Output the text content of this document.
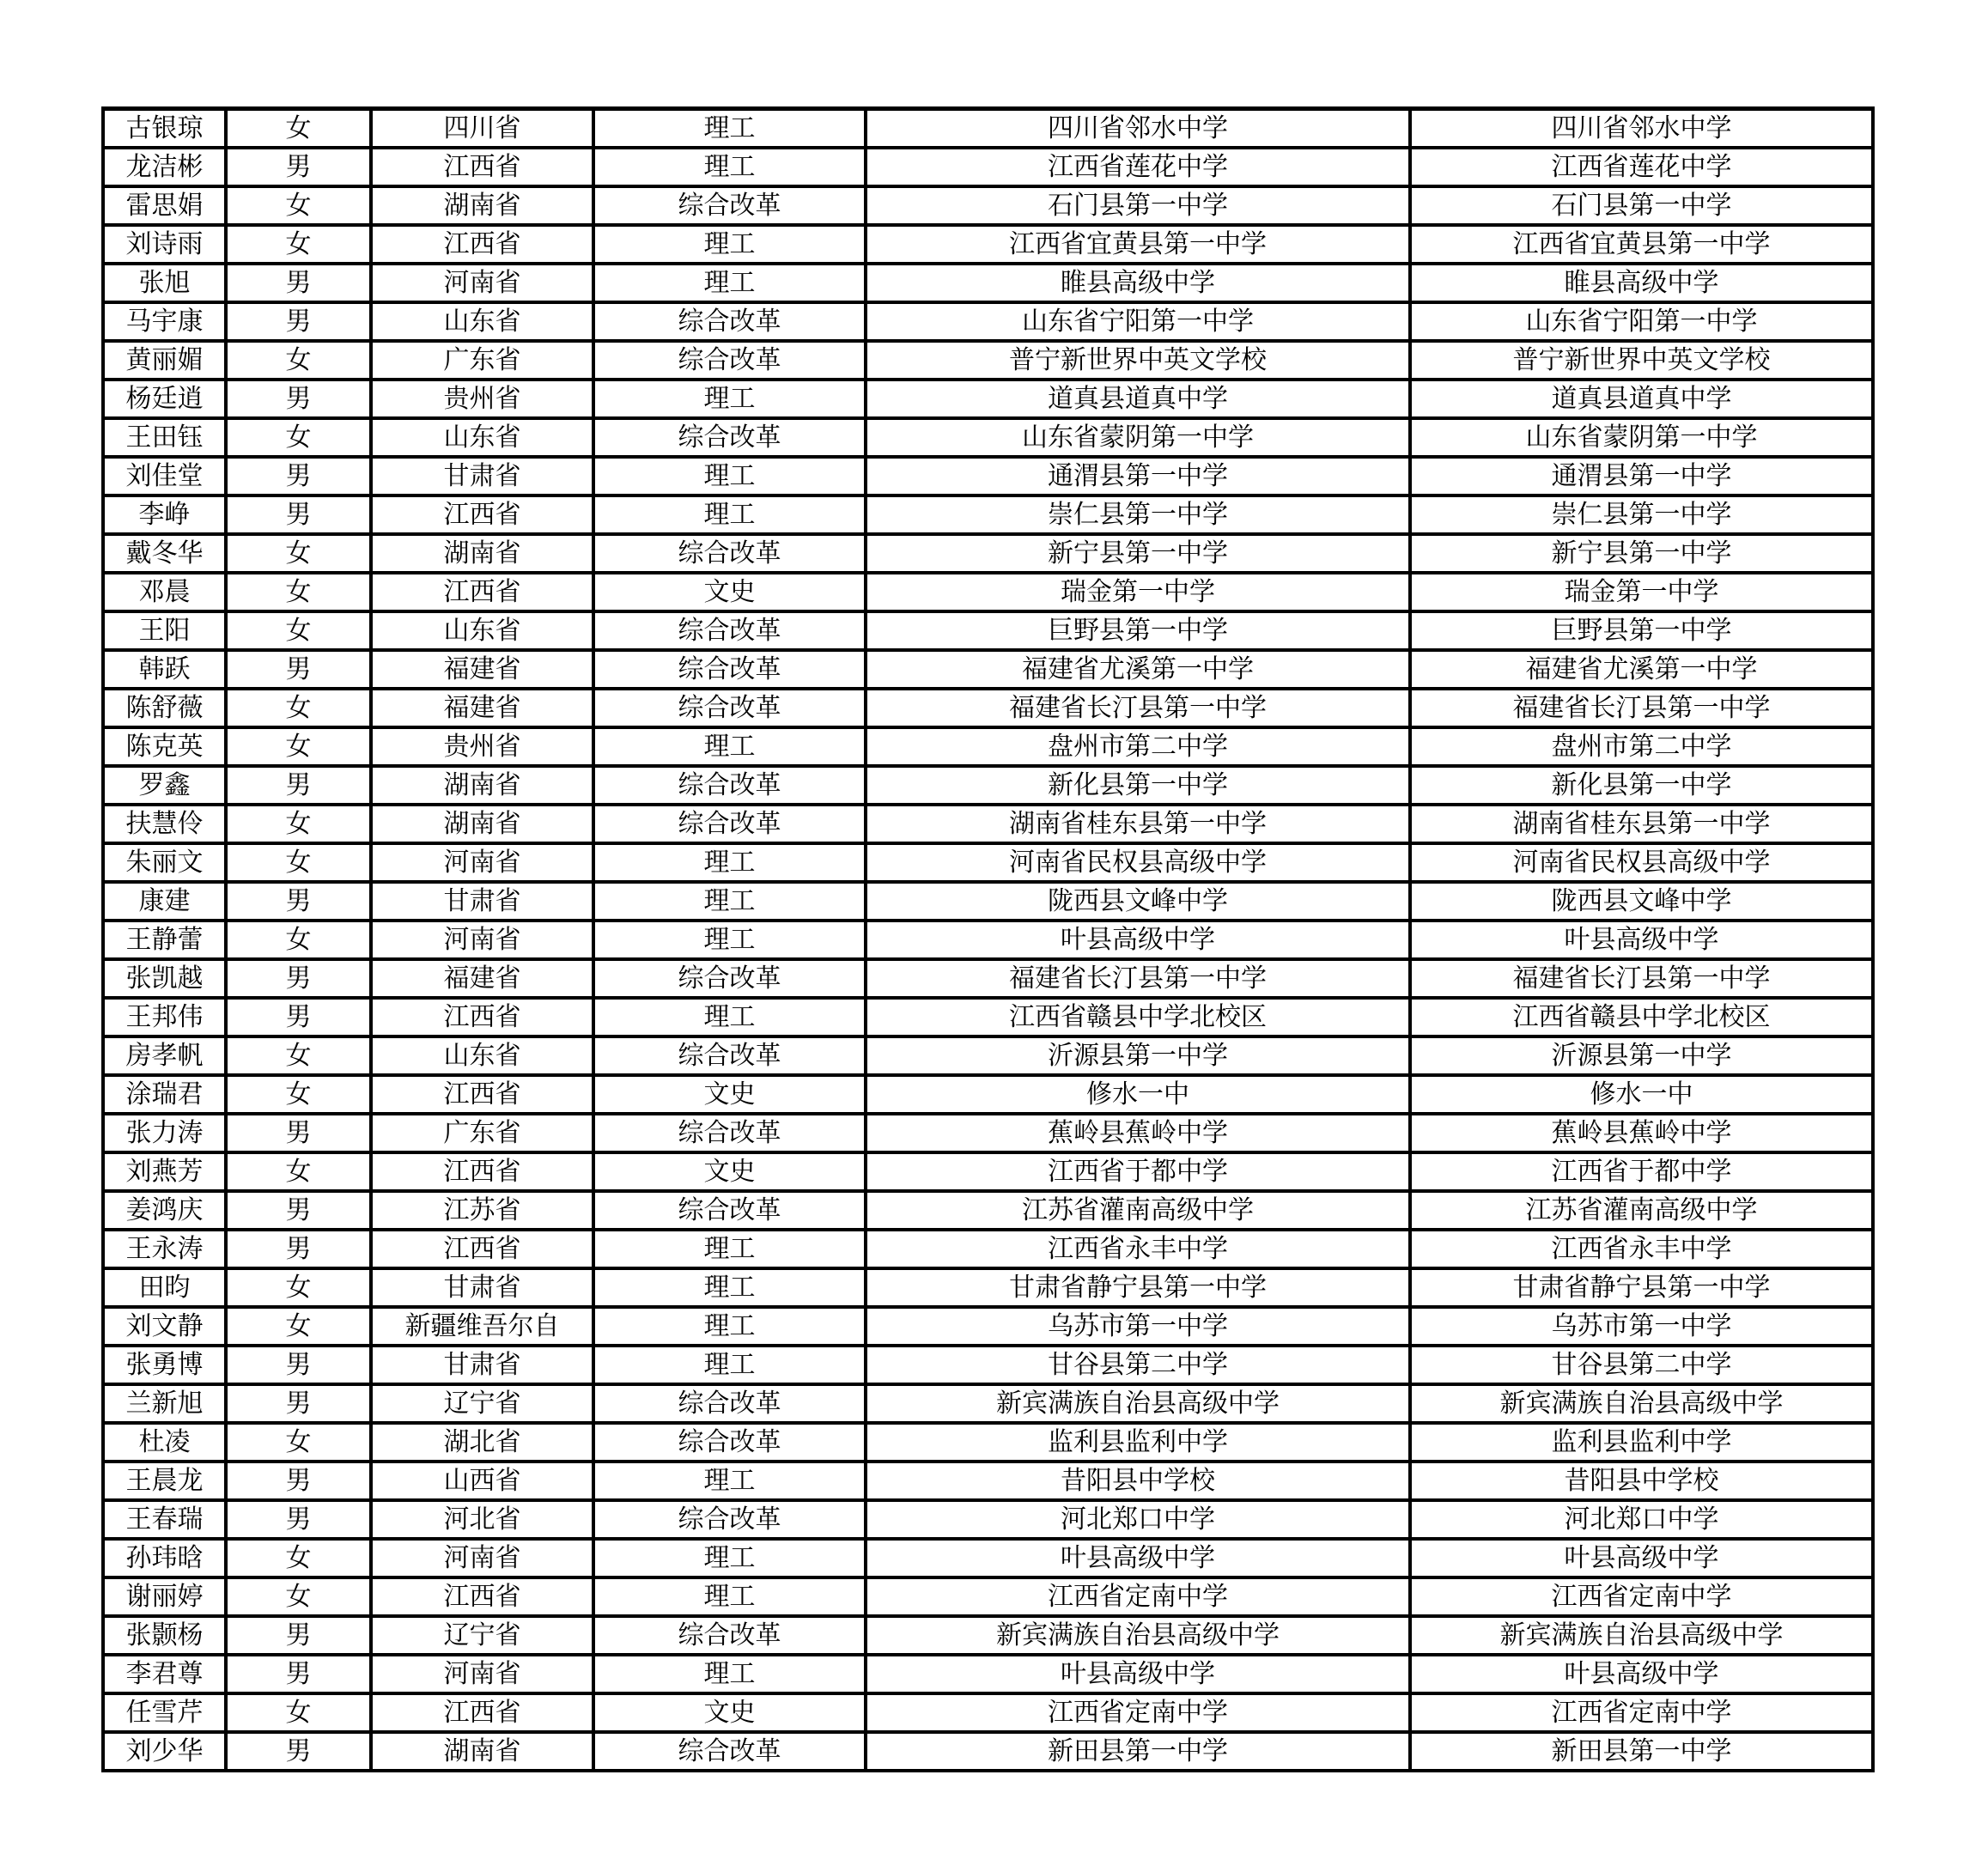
古银琼	女	四川省	理工	四川省邻水中学	四川省邻水中学
龙洁彬	男	江西省	理工	江西省莲花中学	江西省莲花中学
雷思娟	女	湖南省	综合改革	石门县第一中学	石门县第一中学
刘诗雨	女	江西省	理工	江西省宜黄县第一中学	江西省宜黄县第一中学
张旭	男	河南省	理工	睢县高级中学	睢县高级中学
马宇康	男	山东省	综合改革	山东省宁阳第一中学	山东省宁阳第一中学
黄丽媚	女	广东省	综合改革	普宁新世界中英文学校	普宁新世界中英文学校
杨廷逍	男	贵州省	理工	道真县道真中学	道真县道真中学
王田钰	女	山东省	综合改革	山东省蒙阴第一中学	山东省蒙阴第一中学
刘佳堂	男	甘肃省	理工	通渭县第一中学	通渭县第一中学
李峥	男	江西省	理工	崇仁县第一中学	崇仁县第一中学
戴冬华	女	湖南省	综合改革	新宁县第一中学	新宁县第一中学
邓晨	女	江西省	文史	瑞金第一中学	瑞金第一中学
王阳	女	山东省	综合改革	巨野县第一中学	巨野县第一中学
韩跃	男	福建省	综合改革	福建省尤溪第一中学	福建省尤溪第一中学
陈舒薇	女	福建省	综合改革	福建省长汀县第一中学	福建省长汀县第一中学
陈克英	女	贵州省	理工	盘州市第二中学	盘州市第二中学
罗鑫	男	湖南省	综合改革	新化县第一中学	新化县第一中学
扶慧伶	女	湖南省	综合改革	湖南省桂东县第一中学	湖南省桂东县第一中学
朱丽文	女	河南省	理工	河南省民权县高级中学	河南省民权县高级中学
康建	男	甘肃省	理工	陇西县文峰中学	陇西县文峰中学
王静蕾	女	河南省	理工	叶县高级中学	叶县高级中学
张凯越	男	福建省	综合改革	福建省长汀县第一中学	福建省长汀县第一中学
王邦伟	男	江西省	理工	江西省赣县中学北校区	江西省赣县中学北校区
房孝帆	女	山东省	综合改革	沂源县第一中学	沂源县第一中学
涂瑞君	女	江西省	文史	修水一中	修水一中
张力涛	男	广东省	综合改革	蕉岭县蕉岭中学	蕉岭县蕉岭中学
刘燕芳	女	江西省	文史	江西省于都中学	江西省于都中学
姜鸿庆	男	江苏省	综合改革	江苏省灌南高级中学	江苏省灌南高级中学
王永涛	男	江西省	理工	江西省永丰中学	江西省永丰中学
田昀	女	甘肃省	理工	甘肃省静宁县第一中学	甘肃省静宁县第一中学
刘文静	女	新疆维吾尔自	理工	乌苏市第一中学	乌苏市第一中学
张勇博	男	甘肃省	理工	甘谷县第二中学	甘谷县第二中学
兰新旭	男	辽宁省	综合改革	新宾满族自治县高级中学	新宾满族自治县高级中学
杜凌	女	湖北省	综合改革	监利县监利中学	监利县监利中学
王晨龙	男	山西省	理工	昔阳县中学校	昔阳县中学校
王春瑞	男	河北省	综合改革	河北郑口中学	河北郑口中学
孙玮晗	女	河南省	理工	叶县高级中学	叶县高级中学
谢丽婷	女	江西省	理工	江西省定南中学	江西省定南中学
张颢杨	男	辽宁省	综合改革	新宾满族自治县高级中学	新宾满族自治县高级中学
李君尊	男	河南省	理工	叶县高级中学	叶县高级中学
任雪芹	女	江西省	文史	江西省定南中学	江西省定南中学
刘少华	男	湖南省	综合改革	新田县第一中学	新田县第一中学
